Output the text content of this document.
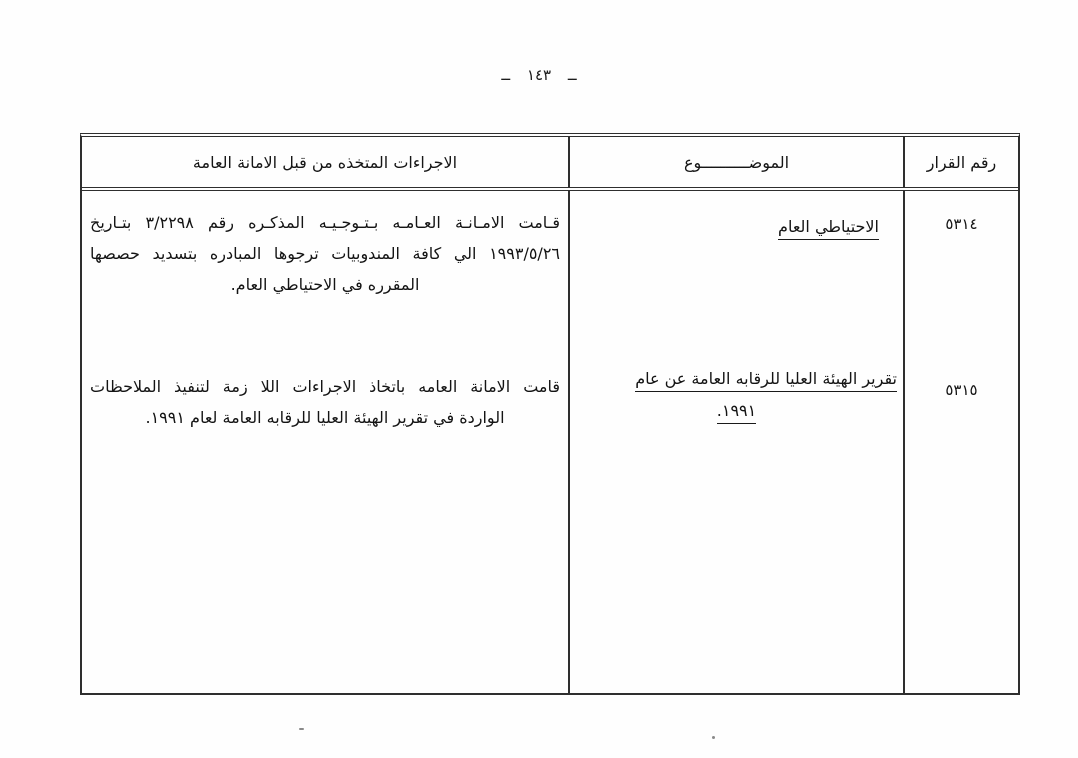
ــ ١٤٣ ــ
رقم القرار
الموضــــــــــوع
الاجراءات المتخذه من قبل الامانة العامة
٥٣١٤
٥٣١٥
الاحتياطي العام
تقرير الهيئة العليا للرقابه العامة عن عام
١٩٩١.
قـامت الامـانـة العـامـه بـتـوجـيـه المذكـره رقم ٣/٢٢٩٨ بتـاريخ
١٩٩٣/٥/٢٦ الي كافة المندوبيات ترجوها المبادره بتسديد حصصها
المقرره في الاحتياطي العام.
قامت الامانة العامه باتخاذ الاجراءات اللا زمة لتنفيذ الملاحظات
الواردة في تقرير الهيئة العليا للرقابه العامة لعام ١٩٩١.
